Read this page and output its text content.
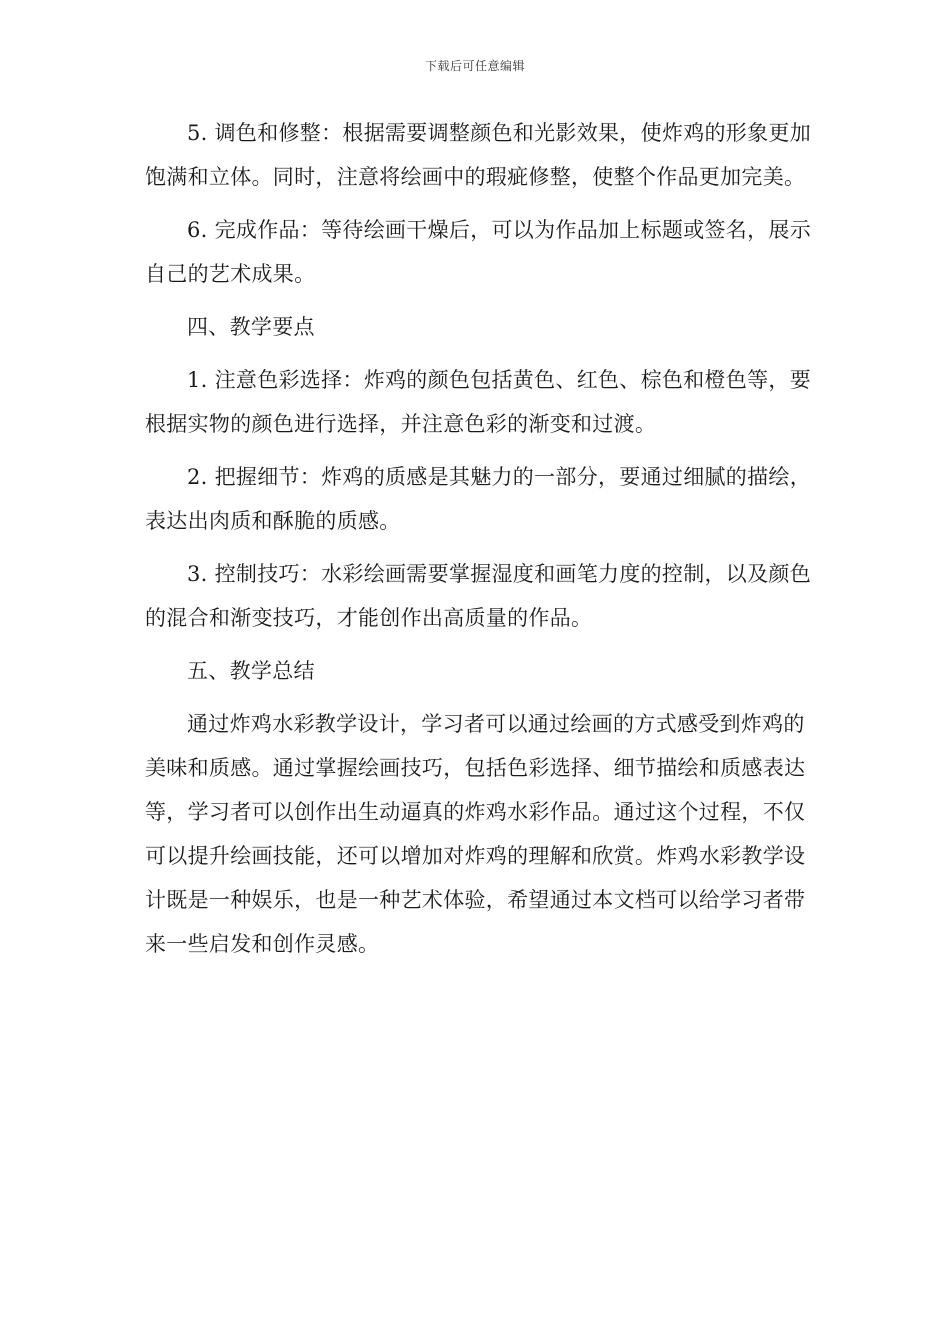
下载后可任意编辑

5. 调色和修整：根据需要调整颜色和光影效果，使炸鸡的形象更加饱满和立体。同时，注意将绘画中的瑕疵修整，使整个作品更加完美。

6. 完成作品：等待绘画干燥后，可以为作品加上标题或签名，展示自己的艺术成果。

四、教学要点

1. 注意色彩选择：炸鸡的颜色包括黄色、红色、棕色和橙色等，要根据实物的颜色进行选择，并注意色彩的渐变和过渡。

2. 把握细节：炸鸡的质感是其魅力的一部分，要通过细腻的描绘，表达出肉质和酥脆的质感。

3. 控制技巧：水彩绘画需要掌握湿度和画笔力度的控制，以及颜色的混合和渐变技巧，才能创作出高质量的作品。

五、教学总结

通过炸鸡水彩教学设计，学习者可以通过绘画的方式感受到炸鸡的美味和质感。通过掌握绘画技巧，包括色彩选择、细节描绘和质感表达等，学习者可以创作出生动逼真的炸鸡水彩作品。通过这个过程，不仅可以提升绘画技能，还可以增加对炸鸡的理解和欣赏。炸鸡水彩教学设计既是一种娱乐，也是一种艺术体验，希望通过本文档可以给学习者带来一些启发和创作灵感。
